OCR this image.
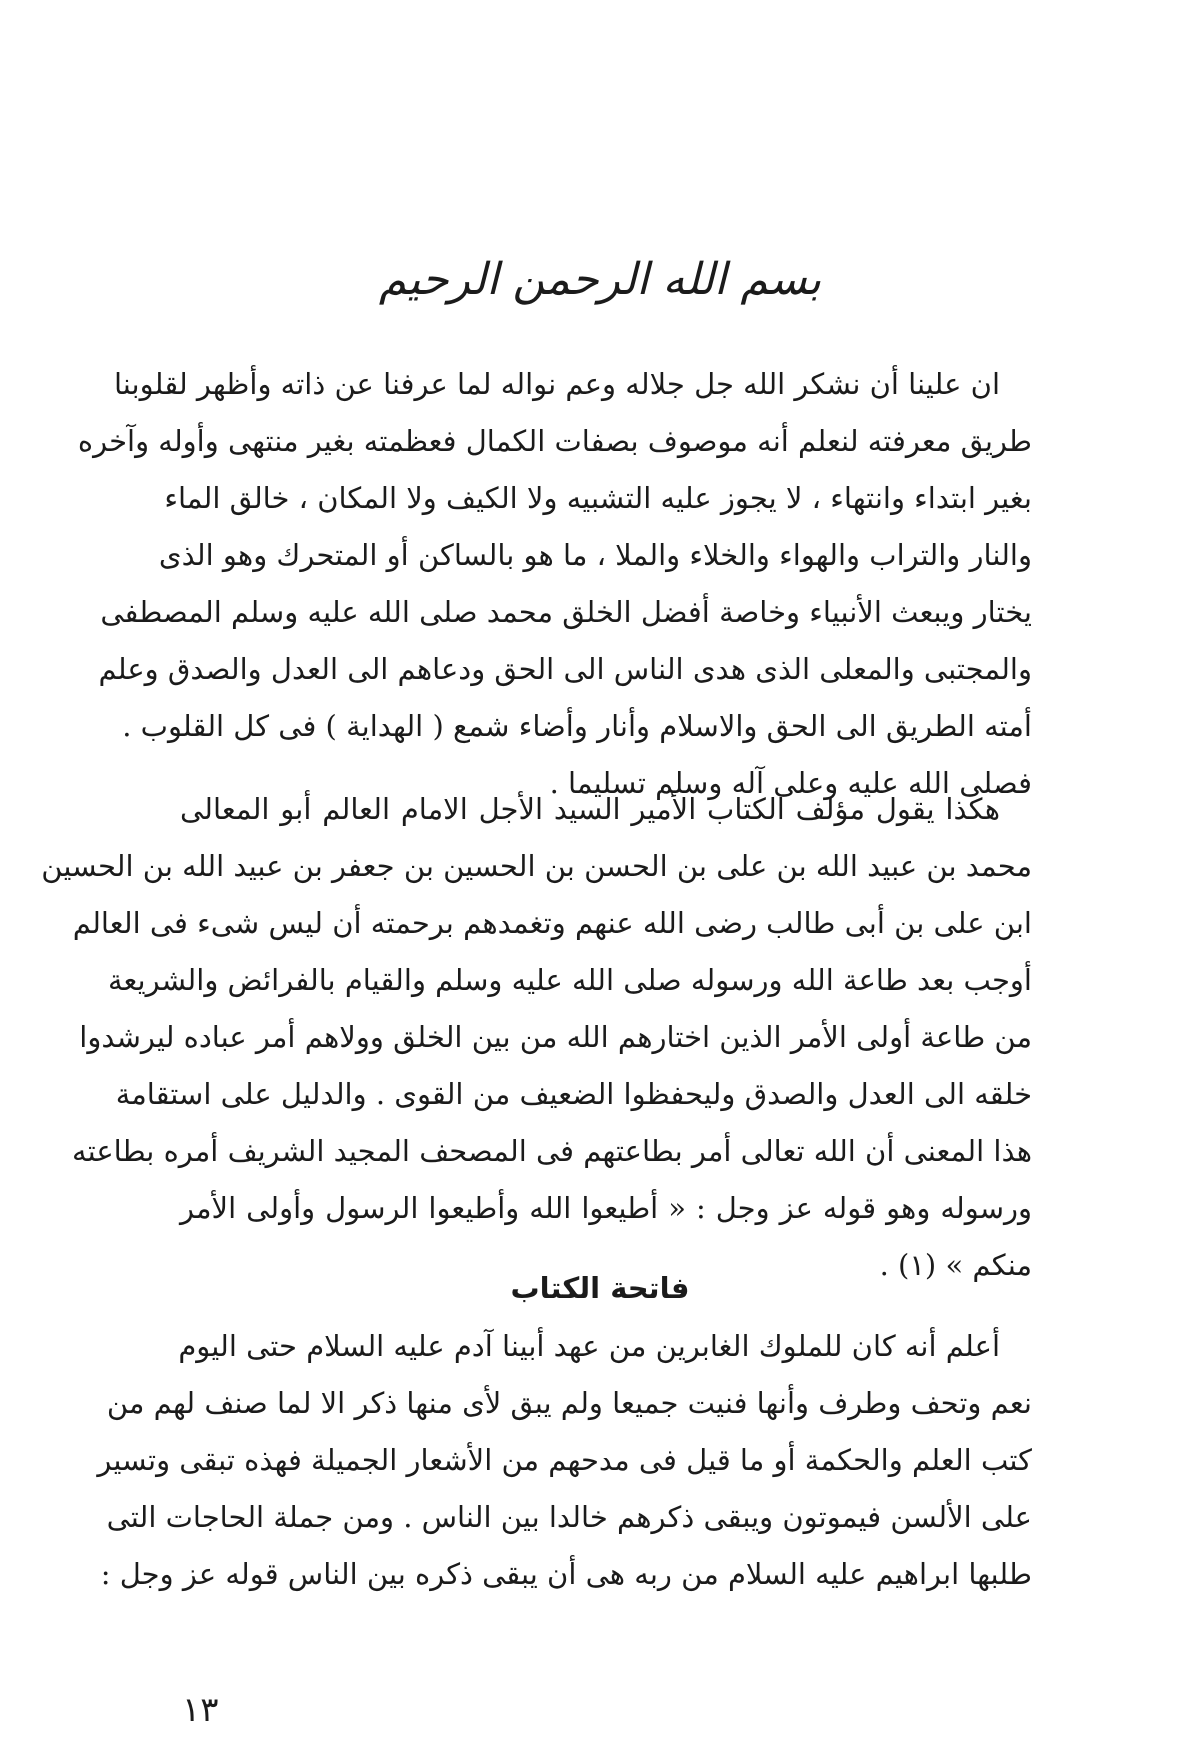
بسم الله الرحمن الرحيم
ان علينا أن نشكر الله جل جلاله وعم نواله لما عرفنا عن ذاته وأظهر لقلوبنا
طريق معرفته لنعلم أنه موصوف بصفات الكمال فعظمته بغير منتهى وأوله وآخره
بغير ابتداء وانتهاء ، لا يجوز عليه التشبيه ولا الكيف ولا المكان ، خالق الماء
والنار والتراب والهواء والخلاء والملا ، ما هو بالساكن أو المتحرك وهو الذى
يختار ويبعث الأنبياء وخاصة أفضل الخلق محمد صلى الله عليه وسلم المصطفى
والمجتبى والمعلى الذى هدى الناس الى الحق ودعاهم الى العدل والصدق وعلم
أمته الطريق الى الحق والاسلام وأنار وأضاء شمع ( الهداية ) فى كل القلوب .
فصلى الله عليه وعلى آله وسلم تسليما .
هكذا يقول مؤلف الكتاب الأمير السيد الأجل الامام العالم أبو المعالى
محمد بن عبيد الله بن على بن الحسن بن الحسين بن جعفر بن عبيد الله بن الحسين
ابن على بن أبى طالب رضى الله عنهم وتغمدهم برحمته أن ليس شىء فى العالم
أوجب بعد طاعة الله ورسوله صلى الله عليه وسلم والقيام بالفرائض والشريعة
من طاعة أولى الأمر الذين اختارهم الله من بين الخلق وولاهم أمر عباده ليرشدوا
خلقه الى العدل والصدق وليحفظوا الضعيف من القوى . والدليل على استقامة
هذا المعنى أن الله تعالى أمر بطاعتهم فى المصحف المجيد الشريف أمره بطاعته
ورسوله وهو قوله عز وجل : « أطيعوا الله وأطيعوا الرسول وأولى الأمر
منكم » (١) .
فاتحة الكتاب
أعلم أنه كان للملوك الغابرين من عهد أبينا آدم عليه السلام حتى اليوم
نعم وتحف وطرف وأنها فنيت جميعا ولم يبق لأى منها ذكر الا لما صنف لهم من
كتب العلم والحكمة أو ما قيل فى مدحهم من الأشعار الجميلة فهذه تبقى وتسير
على الألسن فيموتون ويبقى ذكرهم خالدا بين الناس . ومن جملة الحاجات التى
طلبها ابراهيم عليه السلام من ربه هى أن يبقى ذكره بين الناس قوله عز وجل :
١٣
